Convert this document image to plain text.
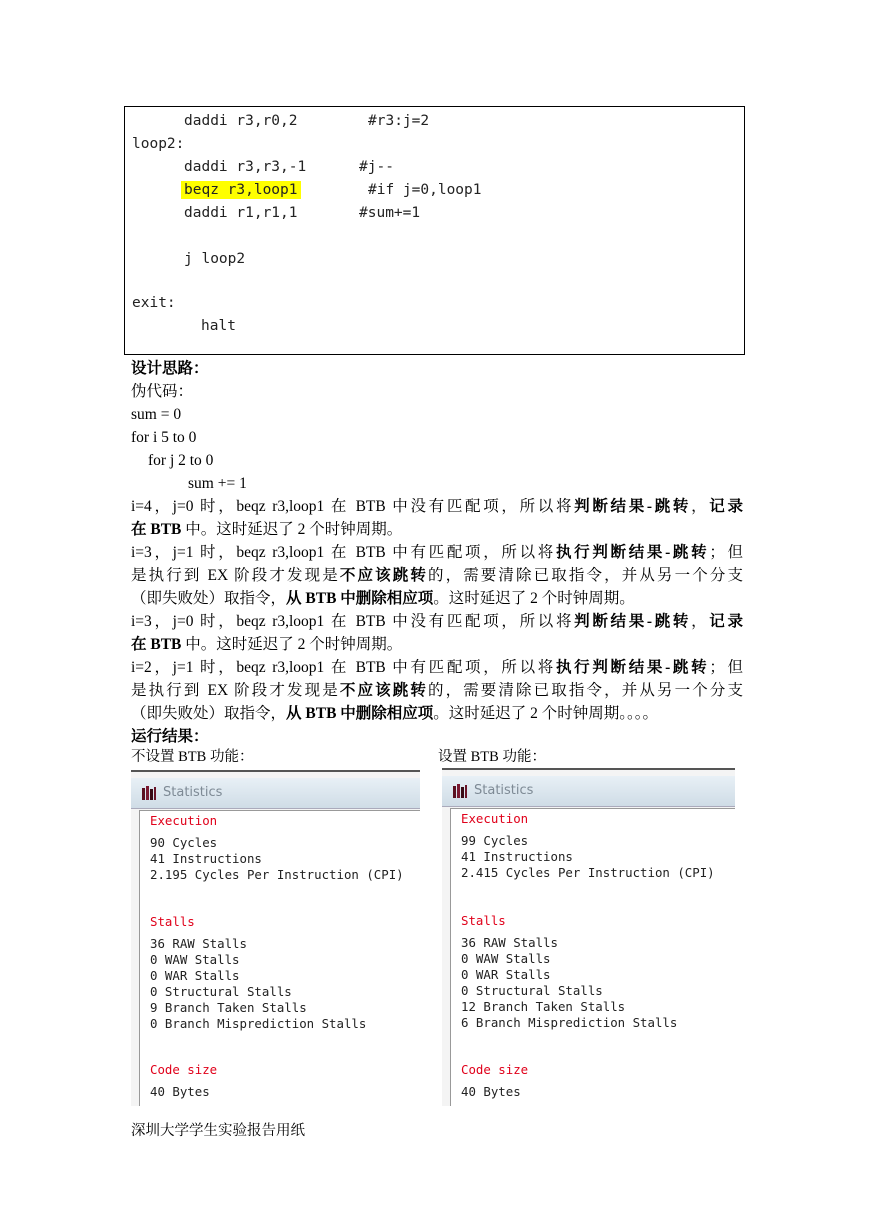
daddi r3,r0,2	#r3:j=2
loop2:
daddi r3,r3,-1	#j--
beqz r3,loop1	#if j=0,loop1
daddi r1,r1,1	#sum+=1
j loop2
exit:
halt
设计思路：
伪代码：
sum = 0
for i 5 to 0
for j 2 to 0
sum += 1
i=4，j=0 时，beqz r3,loop1 在 BTB 中没有匹配项，所以将判断结果-跳转，记录
在 BTB 中。这时延迟了 2 个时钟周期。
i=3，j=1 时，beqz r3,loop1 在 BTB 中有匹配项，所以将执行判断结果-跳转；但
是执行到 EX 阶段才发现是不应该跳转的，需要清除已取指令，并从另一个分支
（即失败处）取指令，从 BTB 中删除相应项。这时延迟了 2 个时钟周期。
i=3，j=0 时，beqz r3,loop1 在 BTB 中没有匹配项，所以将判断结果-跳转，记录
在 BTB 中。这时延迟了 2 个时钟周期。
i=2，j=1 时，beqz r3,loop1 在 BTB 中有匹配项，所以将执行判断结果-跳转；但
是执行到 EX 阶段才发现是不应该跳转的，需要清除已取指令，并从另一个分支
（即失败处）取指令，从 BTB 中删除相应项。这时延迟了 2 个时钟周期。。。。
运行结果：
不设置 BTB 功能：	设置 BTB 功能：
Statistics
Execution
90 Cycles
41 Instructions
2.195 Cycles Per Instruction (CPI)
Stalls
36 RAW Stalls
0 WAW Stalls
0 WAR Stalls
0 Structural Stalls
9 Branch Taken Stalls
0 Branch Misprediction Stalls
Code size
40 Bytes
Statistics
Execution
99 Cycles
41 Instructions
2.415 Cycles Per Instruction (CPI)
Stalls
36 RAW Stalls
0 WAW Stalls
0 WAR Stalls
0 Structural Stalls
12 Branch Taken Stalls
6 Branch Misprediction Stalls
Code size
40 Bytes
深圳大学学生实验报告用纸
